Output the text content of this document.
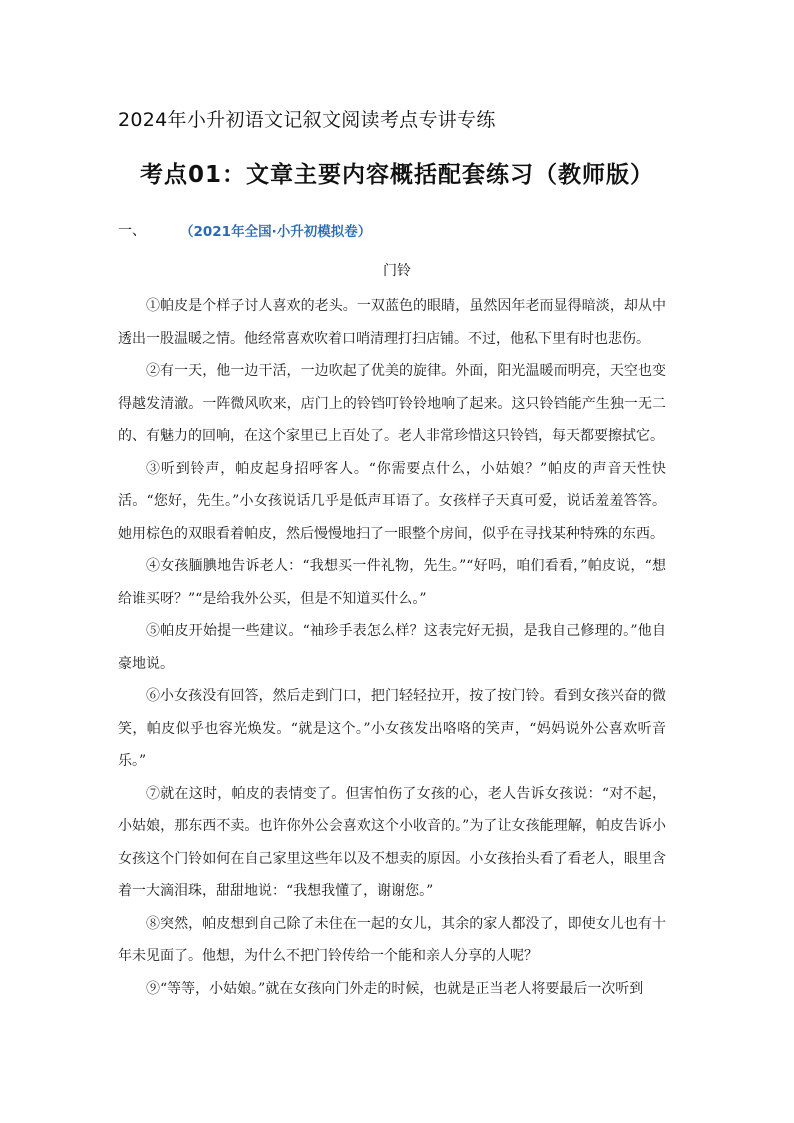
2024年小升初语文记叙文阅读考点专讲专练
考点01：文章主要内容概括配套练习（教师版）
一、	（2021年全国·小升初模拟卷）
门铃

①帕皮是个样子讨人喜欢的老头。一双蓝色的眼睛，虽然因年老而显得暗淡，却从中透出一股温暖之情。他经常喜欢吹着口哨清理打扫店铺。不过，他私下里有时也悲伤。

②有一天，他一边干活，一边吹起了优美的旋律。外面，阳光温暖而明亮，天空也变得越发清澈。一阵微风吹来，店门上的铃铛叮铃铃地响了起来。这只铃铛能产生独一无二的、有魅力的回响，在这个家里已上百处了。老人非常珍惜这只铃铛，每天都要擦拭它。

③听到铃声，帕皮起身招呼客人。“你需要点什么，小姑娘？”帕皮的声音天性快活。“您好，先生。”小女孩说话几乎是低声耳语了。女孩样子天真可爱，说话羞羞答答。她用棕色的双眼看着帕皮，然后慢慢地扫了一眼整个房间，似乎在寻找某种特殊的东西。

④女孩腼腆地告诉老人：“我想买一件礼物，先生。”“好吗，咱们看看，”帕皮说，“想给谁买呀？”“是给我外公买，但是不知道买什么。”

⑤帕皮开始提一些建议。“袖珍手表怎么样？这表完好无损，是我自己修理的。”他自豪地说。

⑥小女孩没有回答，然后走到门口，把门轻轻拉开，按了按门铃。看到女孩兴奋的微笑，帕皮似乎也容光焕发。“就是这个。”小女孩发出咯咯的笑声，“妈妈说外公喜欢听音乐。”

⑦就在这时，帕皮的表情变了。但害怕伤了女孩的心，老人告诉女孩说：“对不起，小姑娘，那东西不卖。也许你外公会喜欢这个小收音的。”为了让女孩能理解，帕皮告诉小女孩这个门铃如何在自己家里这些年以及不想卖的原因。小女孩抬头看了看老人，眼里含着一大滴泪珠，甜甜地说：“我想我懂了，谢谢您。”

⑧突然，帕皮想到自己除了未住在一起的女儿，其余的家人都没了，即使女儿也有十年未见面了。他想，为什么不把门铃传给一个能和亲人分享的人呢？

⑨“等等，小姑娘。”就在女孩向门外走的时候，也就是正当老人将要最后一次听到
